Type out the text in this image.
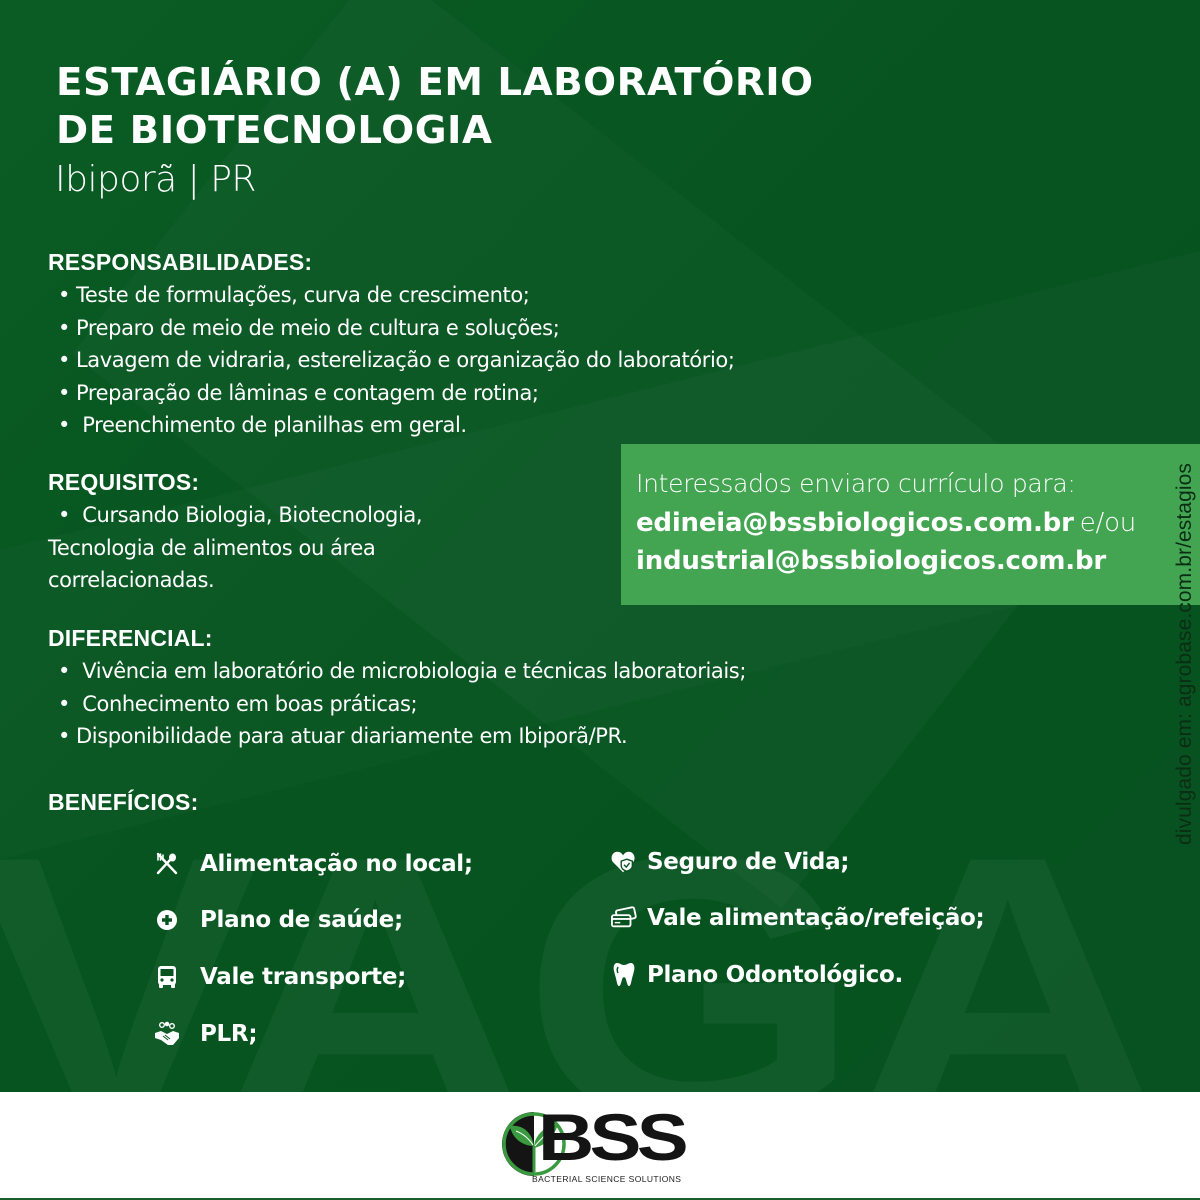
ESTAGIÁRIO (A) EM LABORATÓRIO
DE BIOTECNOLOGIA
Ibiporã | PR
RESPONSABILIDADES:
• Teste de formulações, curva de crescimento;
• Preparo de meio de meio de cultura e soluções;
• Lavagem de vidraria, esterelização e organização do laboratório;
• Preparação de lâminas e contagem de rotina;
• Preenchimento de planilhas em geral.
REQUISITOS:
• Cursando Biologia, Biotecnologia, Tecnologia de alimentos ou área correlacionadas.
DIFERENCIAL:
• Vivência em laboratório de microbiologia e técnicas laboratoriais;
• Conhecimento em boas práticas;
• Disponibilidade para atuar diariamente em Ibiporã/PR.
BENEFÍCIOS:
Alimentação no local;
Plano de saúde;
Vale transporte;
PLR;
Seguro de Vida;
Vale alimentação/refeição;
Plano Odontológico.
Interessados enviaro currículo para:
edineia@bssbiologicos.com.br e/ou
industrial@bssbiologicos.com.br	divulgado em: agrobase.com.br/estagios
BSS
BACTERIAL SCIENCE SOLUTIONS
